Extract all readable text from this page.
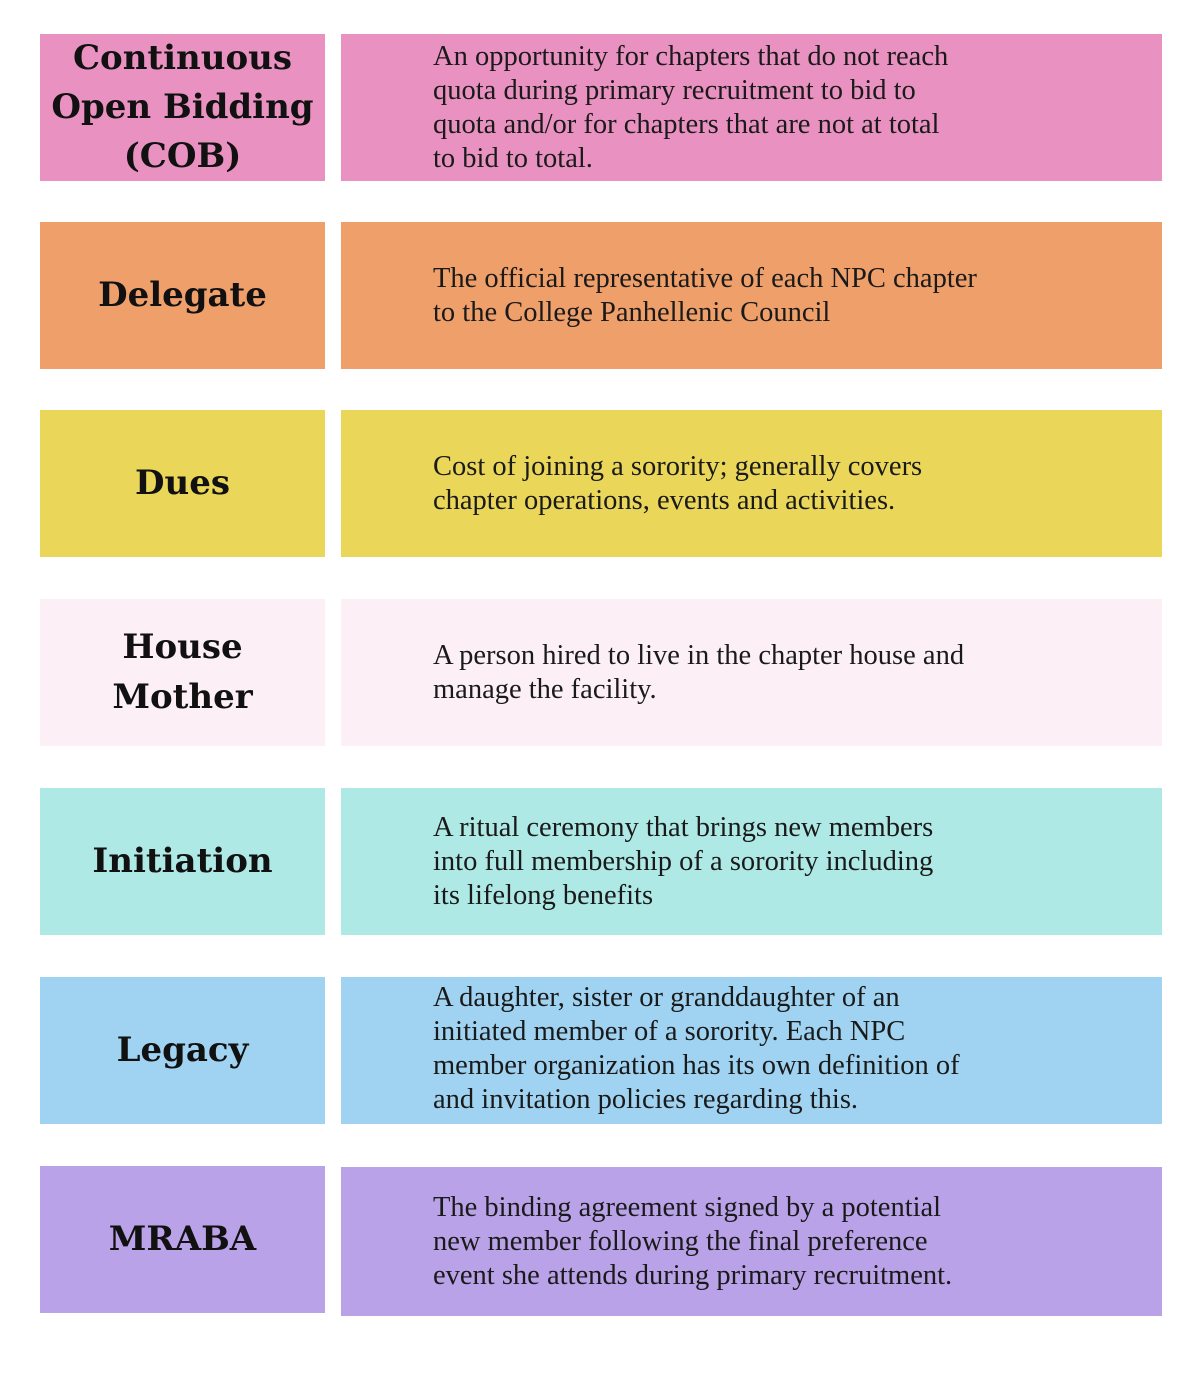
Continuous
Open Bidding
(COB)
An opportunity for chapters that do not reach
quota during primary recruitment to bid to
quota and/or for chapters that are not at total
to bid to total.
Delegate	The official representative of each NPC chapter
to the College Panhellenic Council
Dues	Cost of joining a sorority; generally covers
chapter operations, events and activities.
House
Mother
A person hired to live in the chapter house and
manage the facility.
Initiation
A ritual ceremony that brings new members
into full membership of a sorority including
its lifelong benefits
Legacy
A daughter, sister or granddaughter of an
initiated member of a sorority. Each NPC
member organization has its own definition of
and invitation policies regarding this.
MRABA
The binding agreement signed by a potential
new member following the final preference
event she attends during primary recruitment.
